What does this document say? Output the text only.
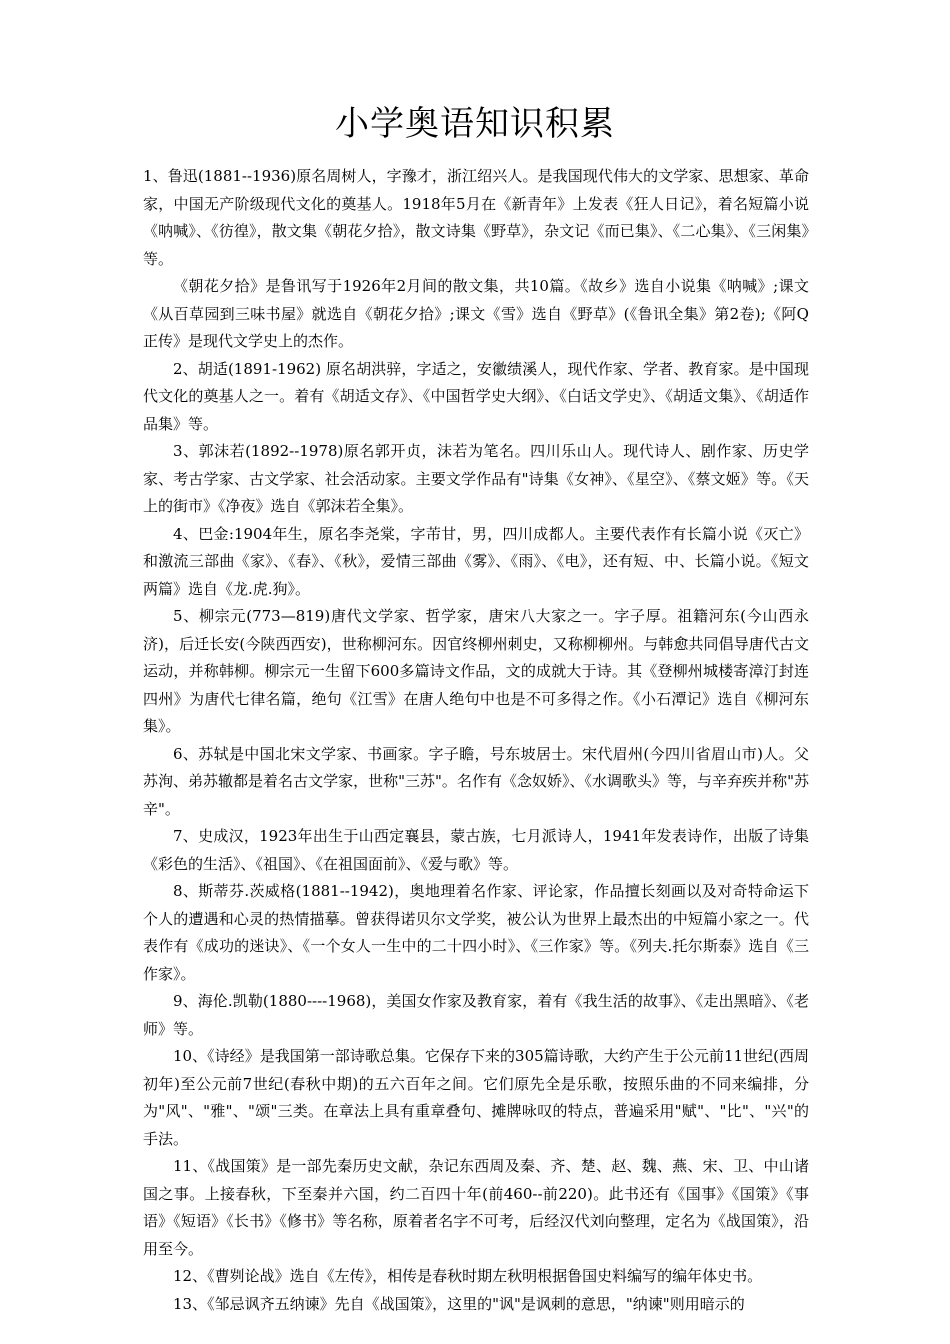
小学奥语知识积累

1、鲁迅(1881--1936)原名周树人，字豫才，浙江绍兴人。是我国现代伟大的文学家、思想家、革命家，中国无产阶级现代文化的奠基人。1918年5月在《新青年》上发表《狂人日记》，着名短篇小说《呐喊》、《彷徨》，散文集《朝花夕拾》，散文诗集《野草》，杂文记《而已集》、《二心集》、《三闲集》等。

《朝花夕拾》是鲁讯写于1926年2月间的散文集，共10篇。《故乡》选自小说集《呐喊》;课文《从百草园到三味书屋》就选自《朝花夕拾》;课文《雪》选自《野草》(《鲁讯全集》第2卷);《阿Q正传》是现代文学史上的杰作。

2、胡适(1891-1962) 原名胡洪骍，字适之，安徽绩溪人，现代作家、学者、教育家。是中国现代文化的奠基人之一。着有《胡适文存》、《中国哲学史大纲》、《白话文学史》、《胡适文集》、《胡适作品集》等。

3、郭沫若(1892--1978)原名郭开贞，沫若为笔名。四川乐山人。现代诗人、剧作家、历史学家、考古学家、古文学家、社会活动家。主要文学作品有"诗集《女神》、《星空》、《蔡文姬》等。《天上的街市》《净夜》选自《郭沫若全集》。

4、巴金:1904年生，原名李尧棠，字芾甘，男，四川成都人。主要代表作有长篇小说《灭亡》和激流三部曲《家》、《春》、《秋》，爱情三部曲《雾》、《雨》、《电》，还有短、中、长篇小说。《短文两篇》选自《龙.虎.狗》。

5、柳宗元(773—819)唐代文学家、哲学家，唐宋八大家之一。字子厚。祖籍河东(今山西永济)，后迁长安(今陕西西安)，世称柳河东。因官终柳州刺史，又称柳柳州。与韩愈共同倡导唐代古文运动，并称韩柳。柳宗元一生留下600多篇诗文作品，文的成就大于诗。其《登柳州城楼寄漳汀封连四州》为唐代七律名篇，绝句《江雪》在唐人绝句中也是不可多得之作。《小石潭记》选自《柳河东集》。

6、苏轼是中国北宋文学家、书画家。字子瞻，号东坡居士。宋代眉州(今四川省眉山市)人。父苏洵、弟苏辙都是着名古文学家，世称"三苏"。名作有《念奴娇》、《水调歌头》等，与辛弃疾并称"苏辛"。

7、史成汉，1923年出生于山西定襄县，蒙古族，七月派诗人，1941年发表诗作，出版了诗集《彩色的生活》、《祖国》、《在祖国面前》、《爱与歌》等。

8、斯蒂芬.茨威格(1881--1942)，奥地理着名作家、评论家，作品擅长刻画以及对奇特命运下个人的遭遇和心灵的热情描摹。曾获得诺贝尔文学奖，被公认为世界上最杰出的中短篇小家之一。代表作有《成功的迷诀》、《一个女人一生中的二十四小时》、《三作家》等。《列夫.托尔斯泰》选自《三作家》。

9、海伦.凯勒(1880----1968)，美国女作家及教育家，着有《我生活的故事》、《走出黑暗》、《老师》等。

10、《诗经》是我国第一部诗歌总集。它保存下来的305篇诗歌，大约产生于公元前11世纪(西周初年)至公元前7世纪(春秋中期)的五六百年之间。它们原先全是乐歌，按照乐曲的不同来编排，分为"风"、"雅"、"颂"三类。在章法上具有重章叠句、摊牌咏叹的特点，普遍采用"赋"、"比"、"兴"的手法。

11、《战国策》是一部先秦历史文献，杂记东西周及秦、齐、楚、赵、魏、燕、宋、卫、中山诸国之事。上接春秋，下至秦并六国，约二百四十年(前460--前220)。此书还有《国事》《国策》《事语》《短语》《长书》《修书》等名称，原着者名字不可考，后经汉代刘向整理，定名为《战国策》，沿用至今。

12、《曹刿论战》选自《左传》，相传是春秋时期左秋明根据鲁国史料编写的编年体史书。

13、《邹忌讽齐五纳谏》先自《战国策》，这里的"讽"是讽刺的意思，"纳谏"则用暗示的
